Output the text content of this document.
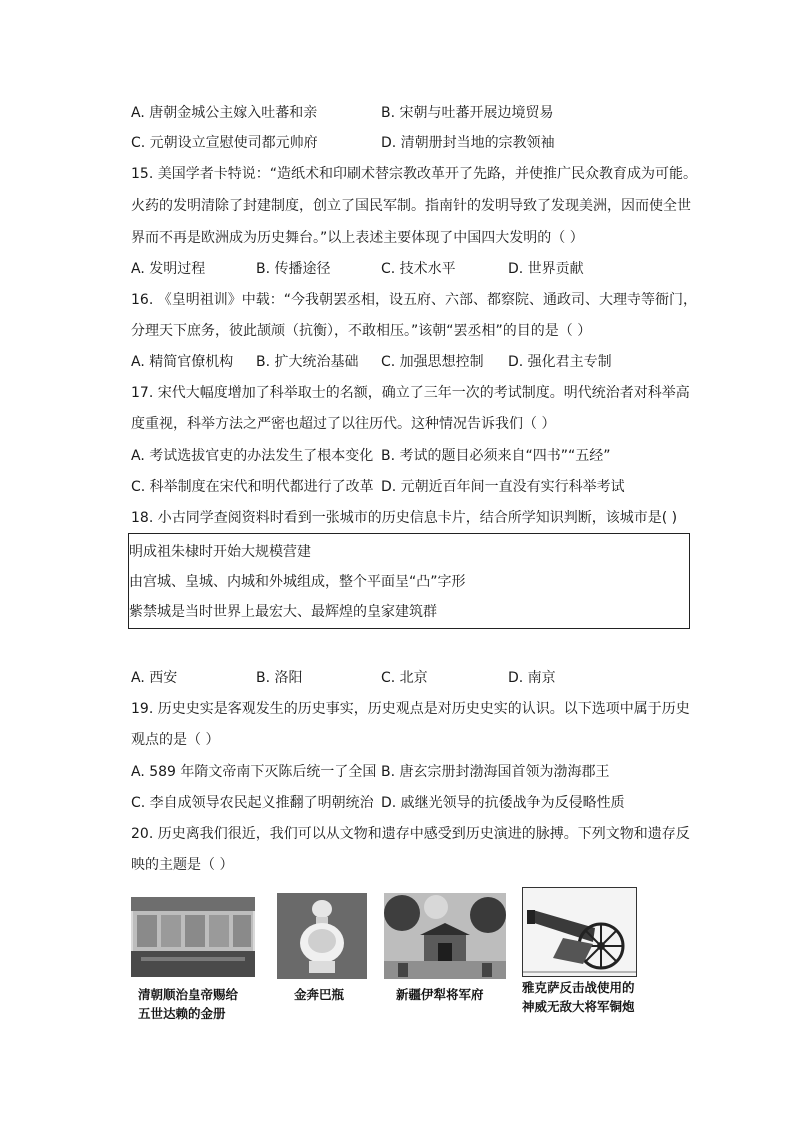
A. 唐朝金城公主嫁入吐蕃和亲	B. 宋朝与吐蕃开展边境贸易
C. 元朝设立宣慰使司都元帅府	D. 清朝册封当地的宗教领袖
15. 美国学者卡特说：“造纸术和印刷术替宗教改革开了先路，并使推广民众教育成为可能。
火药的发明清除了封建制度，创立了国民军制。指南针的发明导致了发现美洲，因而使全世
界而不再是欧洲成为历史舞台。”以上表述主要体现了中国四大发明的（ ）
A. 发明过程	B. 传播途径	C. 技术水平	D. 世界贡献
16. 《皇明祖训》中载：“今我朝罢丞相，设五府、六部、都察院、通政司、大理寺等衙门，
分理天下庶务，彼此颉颃（抗衡），不敢相压。”该朝“罢丞相”的目的是（ ）
A. 精简官僚机构 B. 扩大统治基础 C. 加强思想控制 D. 强化君主专制
17. 宋代大幅度增加了科举取士的名额，确立了三年一次的考试制度。明代统治者对科举高
度重视，科举方法之严密也超过了以往历代。这种情况告诉我们（ ）
A. 考试选拔官吏的办法发生了根本变化 B. 考试的题目必须来自“四书”“五经”
C. 科举制度在宋代和明代都进行了改革 D. 元朝近百年间一直没有实行科举考试
18. 小古同学查阅资料时看到一张城市的历史信息卡片，结合所学知识判断，该城市是( )
明成祖朱棣时开始大规模营建
由宫城、皇城、内城和外城组成，整个平面呈“凸”字形
紫禁城是当时世界上最宏大、最辉煌的皇家建筑群
A. 西安	B. 洛阳	C. 北京	D. 南京
19. 历史史实是客观发生的历史事实，历史观点是对历史史实的认识。以下选项中属于历史
观点的是（ ）
A. 589 年隋文帝南下灭陈后统一了全国 B. 唐玄宗册封渤海国首领为渤海郡王
C. 李自成领导农民起义推翻了明朝统治 D. 戚继光领导的抗倭战争为反侵略性质
20. 历史离我们很近，我们可以从文物和遗存中感受到历史演进的脉搏。下列文物和遗存反
映的主题是（ ）
清朝顺治皇帝赐给
五世达赖的金册
金奔巴瓶	新疆伊犁将军府	雅克萨反击战使用的
神威无敌大将军铜炮
